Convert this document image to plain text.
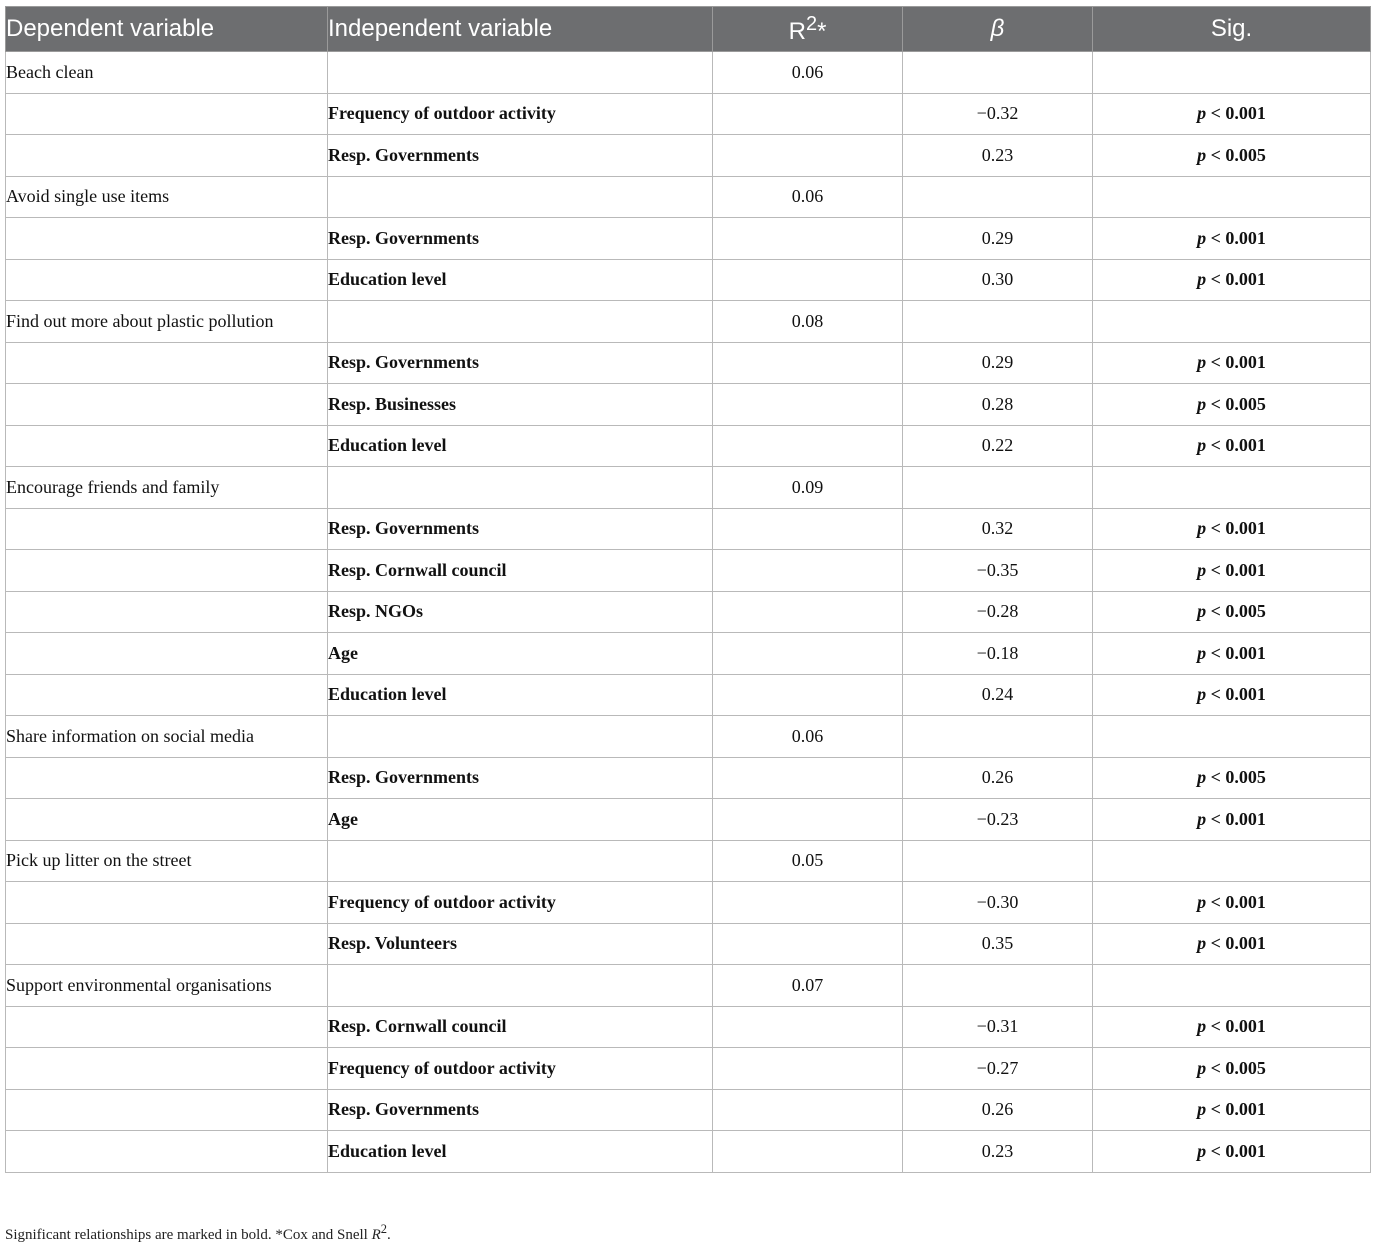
Dependent variable	Independent variable	$R^2*$	β	Sig.
Beach clean		0.06		
	Frequency of outdoor activity		−0.32	p < 0.001
	Resp. Governments		0.23	p < 0.005
Avoid single use items		0.06		
	Resp. Governments		0.29	p < 0.001
	Education level		0.30	p < 0.001
Find out more about plastic pollution		0.08		
	Resp. Governments		0.29	p < 0.001
	Resp. Businesses		0.28	p < 0.005
	Education level		0.22	p < 0.001
Encourage friends and family		0.09		
	Resp. Governments		0.32	p < 0.001
	Resp. Cornwall council		−0.35	p < 0.001
	Resp. NGOs		−0.28	p < 0.005
	Age		−0.18	p < 0.001
	Education level		0.24	p < 0.001
Share information on social media		0.06		
	Resp. Governments		0.26	p < 0.005
	Age		−0.23	p < 0.001
Pick up litter on the street		0.05		
	Frequency of outdoor activity		−0.30	p < 0.001
	Resp. Volunteers		0.35	p < 0.001
Support environmental organisations		0.07		
	Resp. Cornwall council		−0.31	p < 0.001
	Frequency of outdoor activity		−0.27	p < 0.005
	Resp. Governments		0.26	p < 0.001
	Education level		0.23	p < 0.001
Significant relationships are marked in bold. *Cox and Snell $R^2$.
